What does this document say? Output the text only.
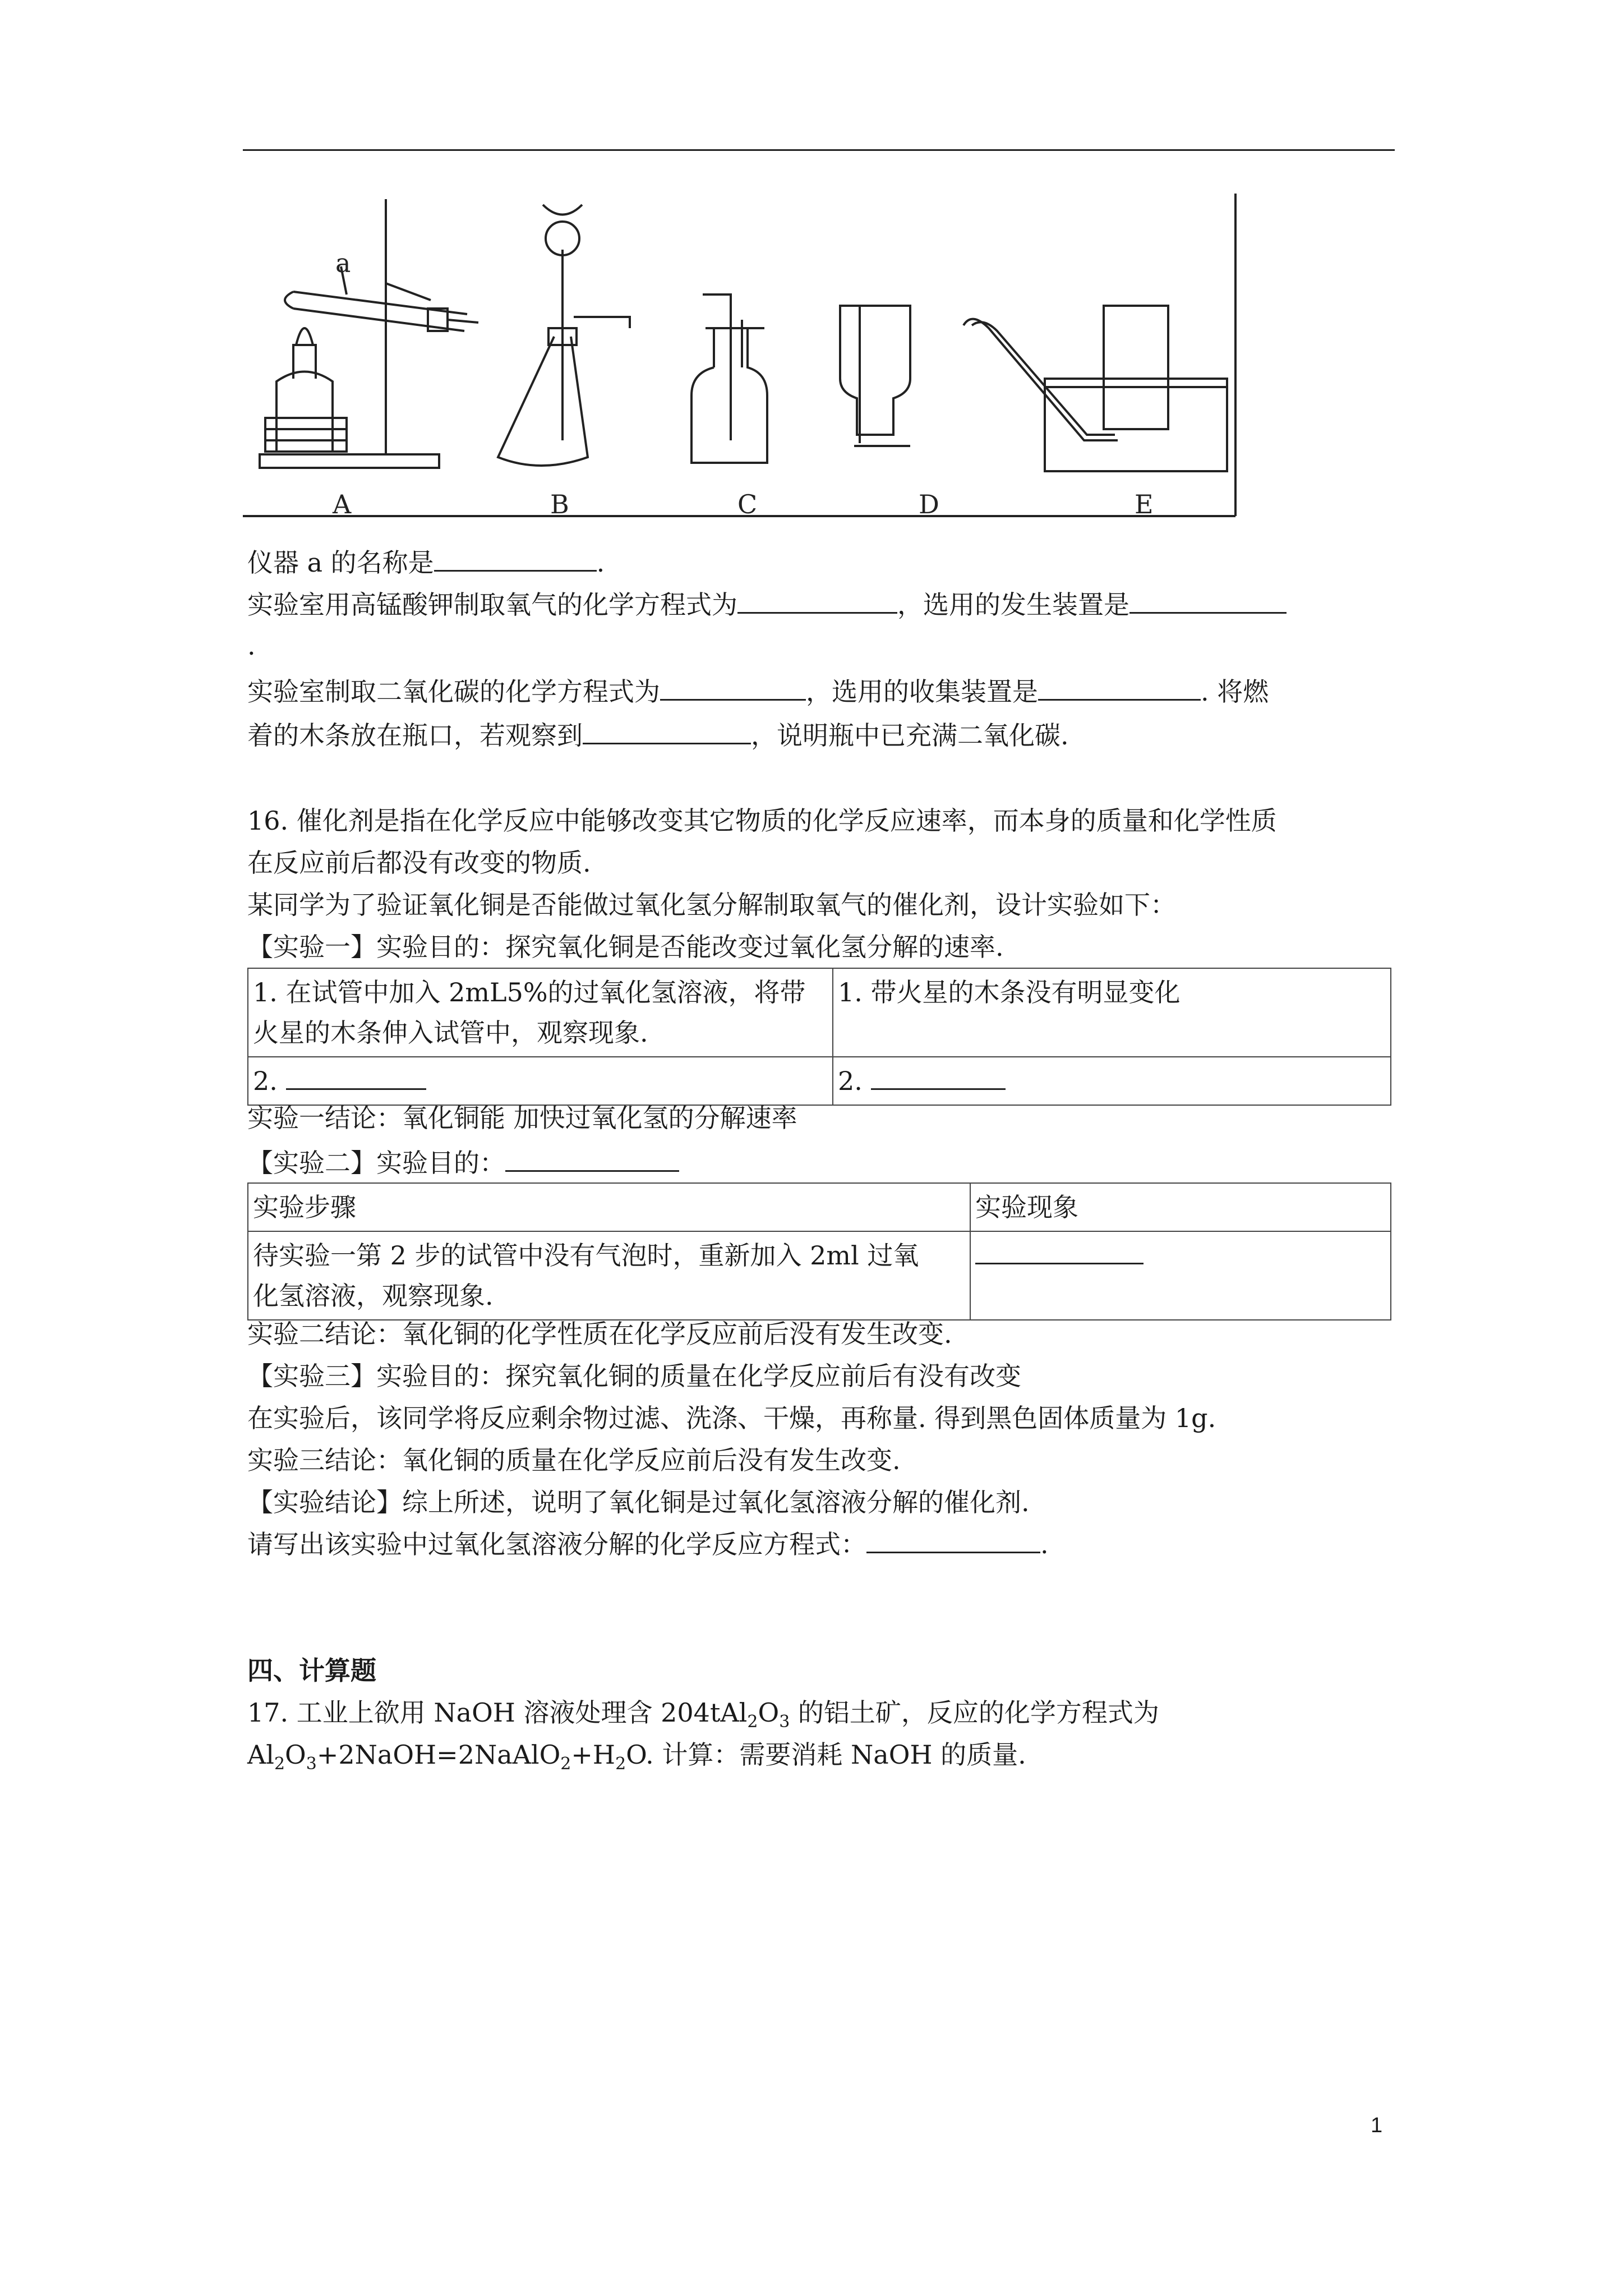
a
A	B	C	D	E
仪器 a 的名称是	.
实验室用高锰酸钾制取氧气的化学方程式为	，选用的发生装置是
.
实验室制取二氧化碳的化学方程式为	，选用的收集装置是	. 将燃
着的木条放在瓶口，若观察到	，说明瓶中已充满二氧化碳.
16. 催化剂是指在化学反应中能够改变其它物质的化学反应速率，而本身的质量和化学性质
在反应前后都没有改变的物质.
某同学为了验证氧化铜是否能做过氧化氢分解制取氧气的催化剂，设计实验如下：
【实验一】实验目的：探究氧化铜是否能改变过氧化氢分解的速率.
1. 在试管中加入 2mL5%的过氧化氢溶液，将带
火星的木条伸入试管中，观察现象.	1. 带火星的木条没有明显变化
2.	2.
实验一结论：氧化铜能 加快过氧化氢的分解速率
【实验二】实验目的：
实验步骤	实验现象

待实验一第 2 步的试管中没有气泡时，重新加入 2ml 过氧
化氢溶液，观察现象.	

实验二结论：氧化铜的化学性质在化学反应前后没有发生改变.
【实验三】实验目的：探究氧化铜的质量在化学反应前后有没有改变
在实验后，该同学将反应剩余物过滤、洗涤、干燥，再称量. 得到黑色固体质量为 1g.
实验三结论：氧化铜的质量在化学反应前后没有发生改变.
【实验结论】综上所述，说明了氧化铜是过氧化氢溶液分解的催化剂.
请写出该实验中过氧化氢溶液分解的化学反应方程式：	.
四、计算题
17. 工业上欲用 NaOH 溶液处理含 $204tAl_2O_3$ 的铝土矿，反应的化学方程式为
$Al_2O_3+2NaOH=2NaAlO_2+H_2O$. 计算：需要消耗 NaOH 的质量.
1
